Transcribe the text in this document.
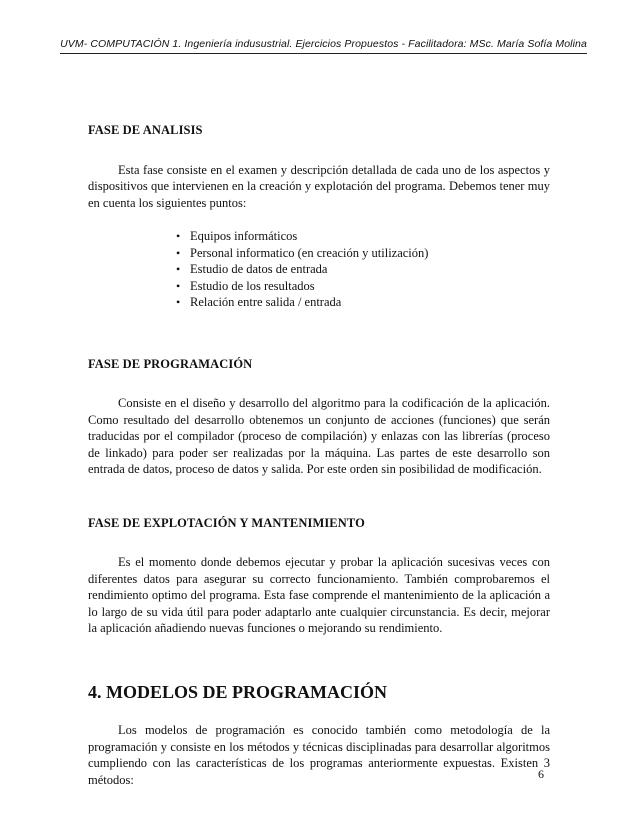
UVM- COMPUTACIÓN 1. Ingeniería indusustrial. Ejercicios Propuestos - Facilitadora: MSc. María Sofía Molina
FASE DE ANALISIS

Esta fase consiste en el examen y descripción detallada de cada uno de los aspectos y dispositivos que intervienen en la creación y explotación del programa. Debemos tener muy en cuenta los siguientes puntos:

• Equipos informáticos
• Personal informatico (en creación y utilización)
• Estudio de datos de entrada
• Estudio de los resultados
• Relación entre salida / entrada
FASE DE PROGRAMACIÓN

Consiste en el diseño y desarrollo del algoritmo para la codificación de la aplicación. Como resultado del desarrollo obtenemos un conjunto de acciones (funciones) que serán traducidas por el compilador (proceso de compilación) y enlazas con las librerías (proceso de linkado) para poder ser realizadas por la máquina. Las partes de este desarrollo son entrada de datos, proceso de datos y salida. Por este orden sin posibilidad de modificación.

FASE DE EXPLOTACIÓN Y MANTENIMIENTO

Es el momento donde debemos ejecutar y probar la aplicación sucesivas veces con diferentes datos para asegurar su correcto funcionamiento. También comprobaremos el rendimiento optimo del programa. Esta fase comprende el mantenimiento de la aplicación a lo largo de su vida útil para poder adaptarlo ante cualquier circunstancia. Es decir, mejorar la aplicación añadiendo nuevas funciones o mejorando su rendimiento.

4. MODELOS DE PROGRAMACIÓN

Los modelos de programación es conocido también como metodología de la programación y consiste en los métodos y técnicas disciplinadas para desarrollar algoritmos cumpliendo con las características de los programas anteriormente expuestas. Existen 3 métodos:	6
